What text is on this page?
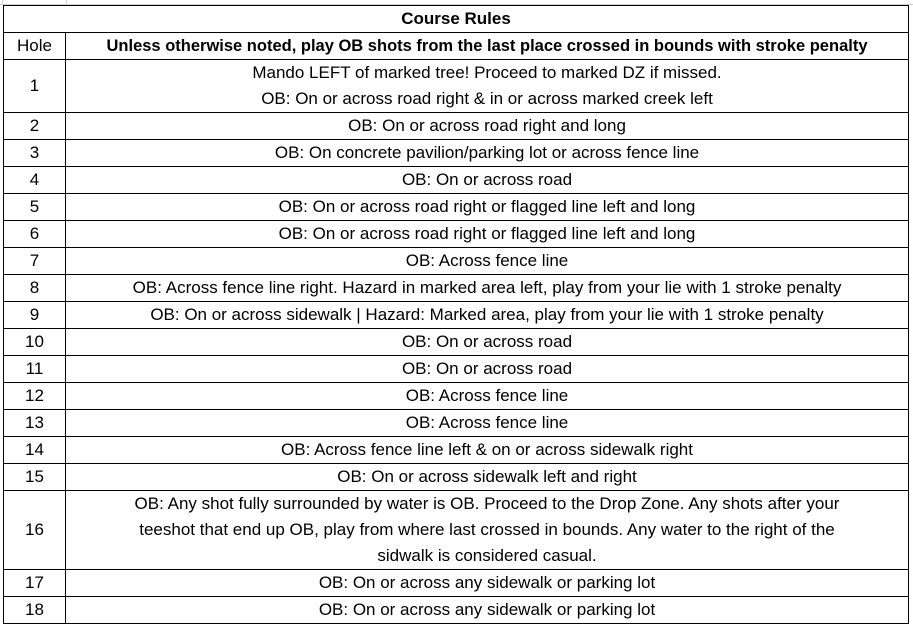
Course Rules	
Hole	Unless otherwise noted, play OB shots from the last place crossed in bounds with stroke penalty
1	Mando LEFT of marked tree! Proceed to marked DZ if missed.
OB: On or across road right & in or across marked creek left

2	OB: On or across road right and long

3	OB: On concrete pavilion/parking lot or across fence line

4	OB: On or across road

5	OB: On or across road right or flagged line left and long

6	OB: On or across road right or flagged line left and long

7	OB: Across fence line

8	OB: Across fence line right. Hazard in marked area left, play from your lie with 1 stroke penalty

9	OB: On or across sidewalk | Hazard: Marked area, play from your lie with 1 stroke penalty

10	OB: On or across road

11	OB: On or across road

12	OB: Across fence line

13	OB: Across fence line

14	OB: Across fence line left & on or across sidewalk right

15	OB: On or across sidewalk left and right

16	OB: Any shot fully surrounded by water is OB. Proceed to the Drop Zone. Any shots after your
teeshot that end up OB, play from where last crossed in bounds. Any water to the right of the
sidwalk is considered casual.

17	OB: On or across any sidewalk or parking lot

18	OB: On or across any sidewalk or parking lot
